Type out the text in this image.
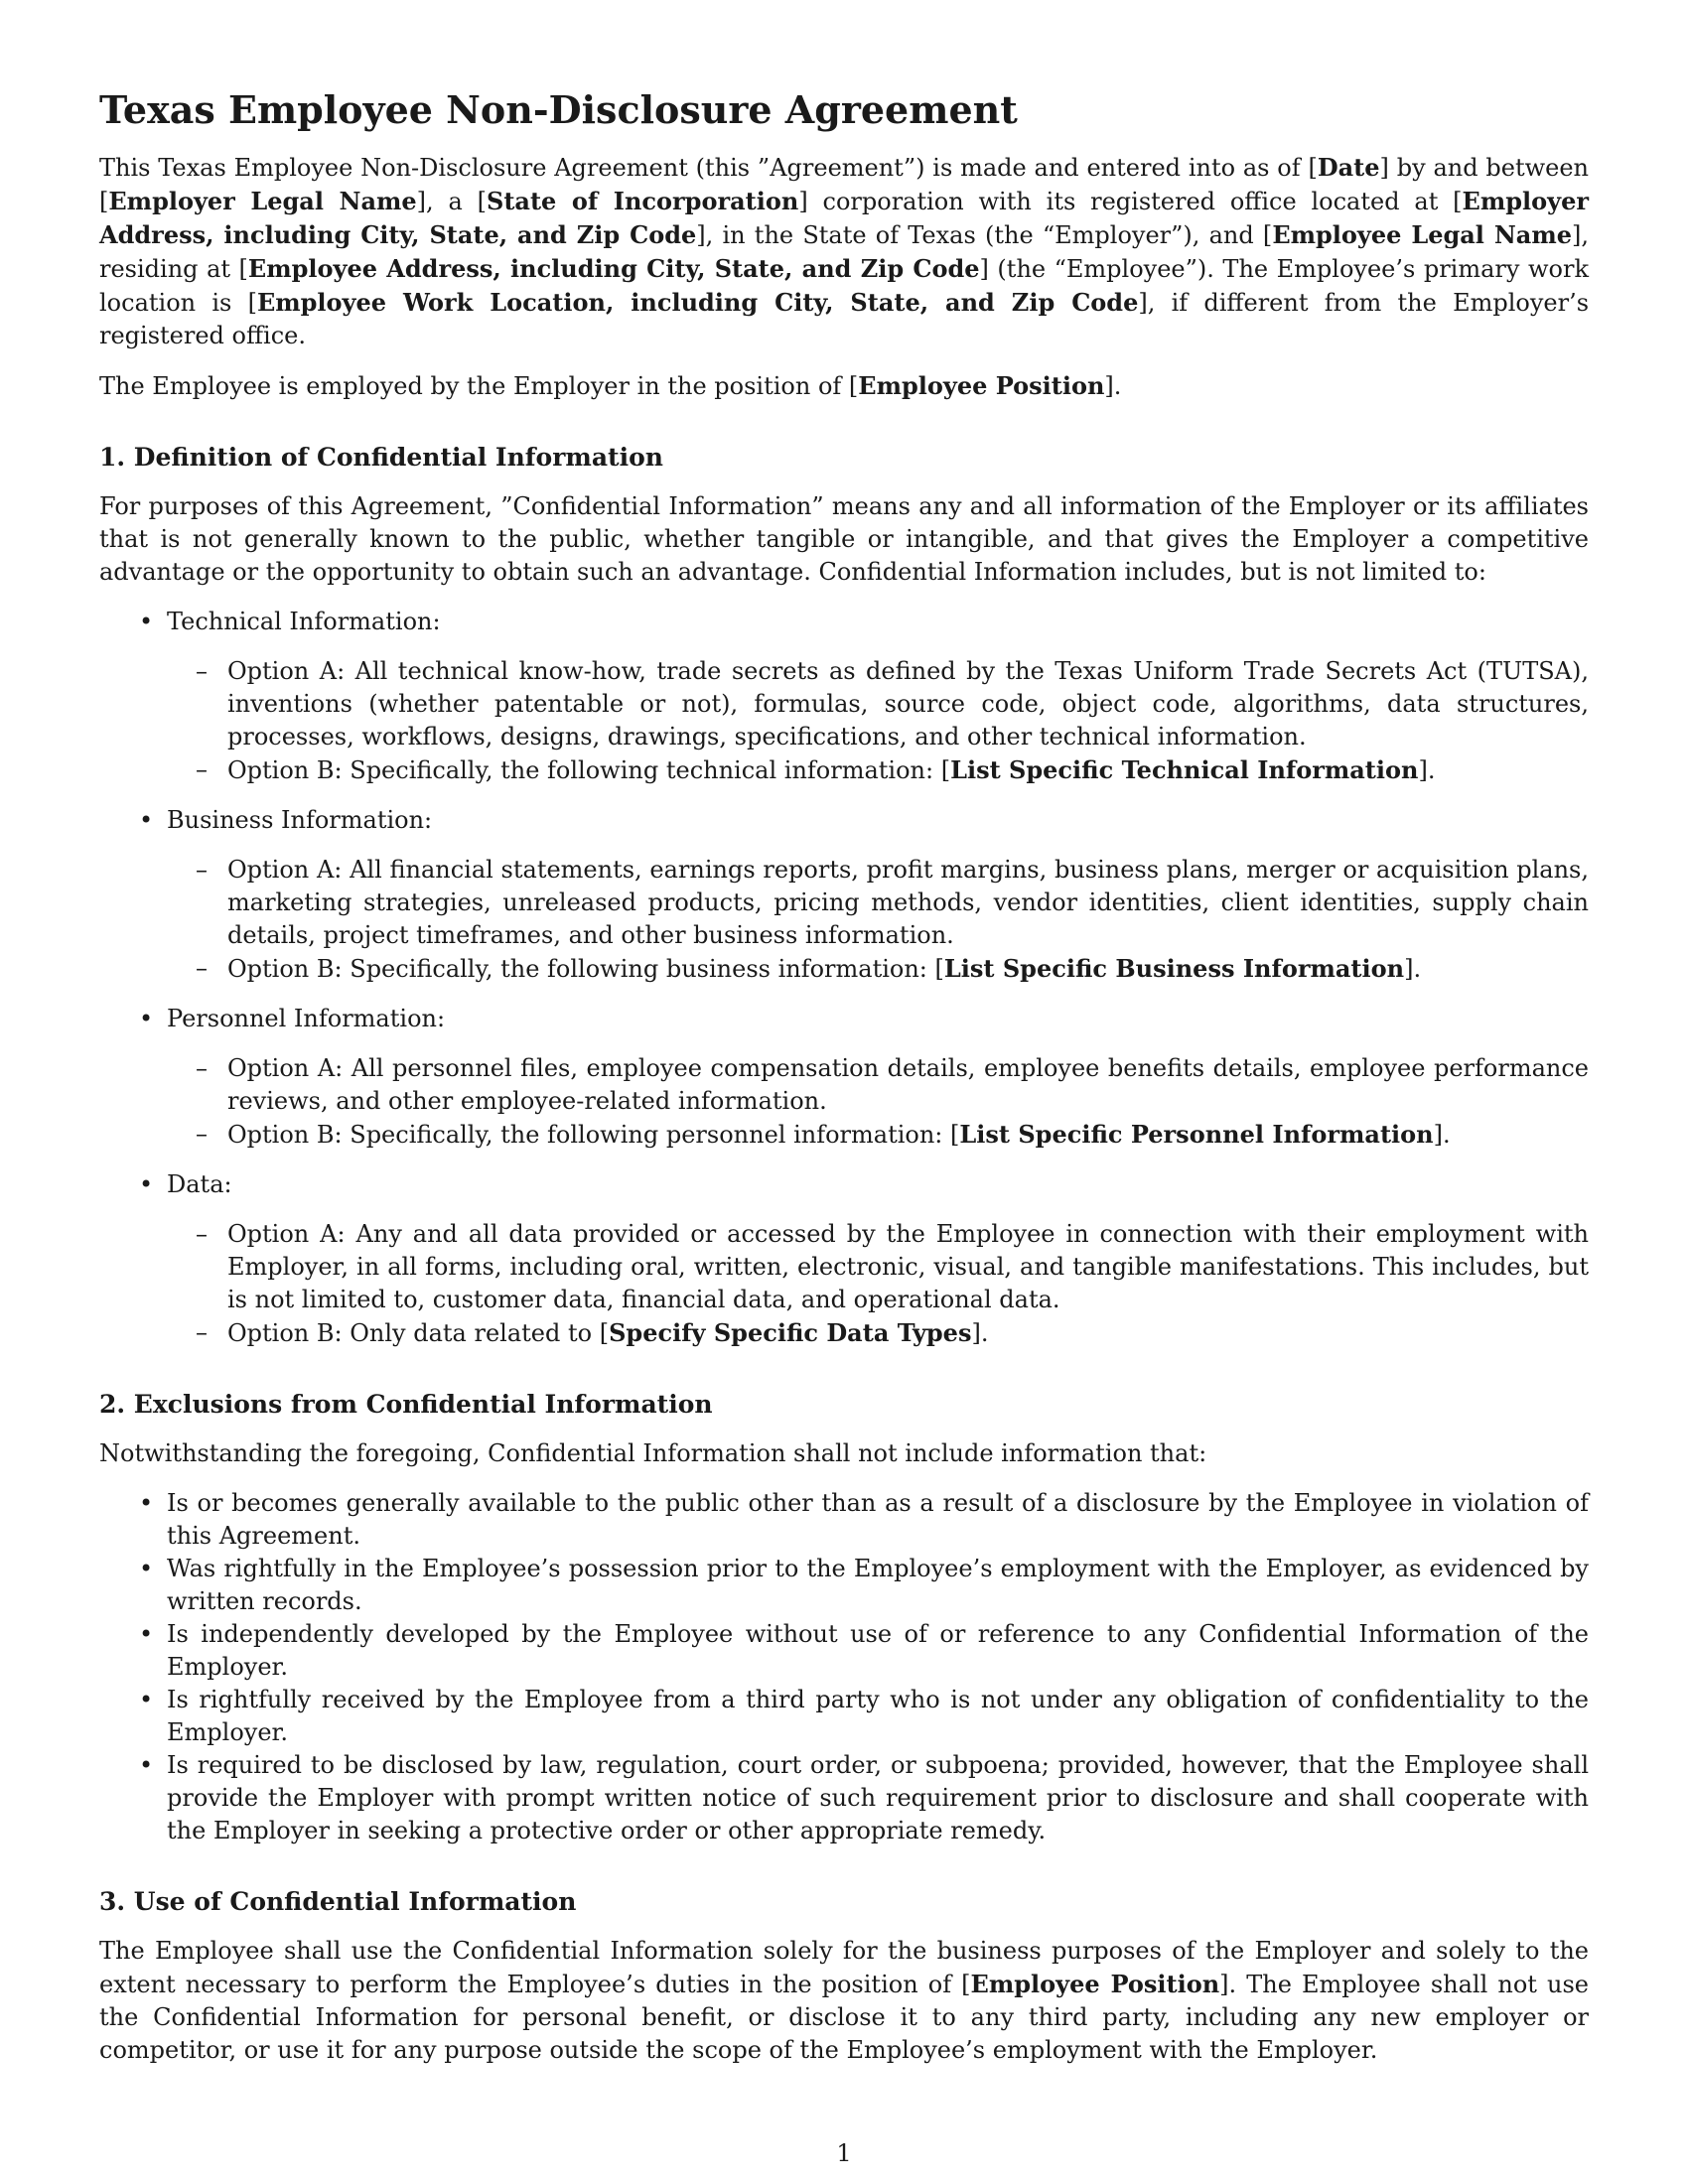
Texas Employee Non-Disclosure Agreement

This Texas Employee Non-Disclosure Agreement (this ”Agreement”) is made and entered into as of [Date] by and between [Employer Legal Name], a [State of Incorporation] corporation with its registered office located at [Employer Address, including City, State, and Zip Code], in the State of Texas (the “Employer”), and [Employee Legal Name], residing at [Employee Address, including City, State, and Zip Code] (the “Employee”). The Employee’s primary work location is [Employee Work Location, including City, State, and Zip Code], if different from the Employer’s registered office.

The Employee is employed by the Employer in the position of [Employee Position].

1. Definition of Confidential Information

For purposes of this Agreement, ”Confidential Information” means any and all information of the Employer or its affiliates that is not generally known to the public, whether tangible or intangible, and that gives the Employer a competitive advantage or the opportunity to obtain such an advantage. Confidential Information includes, but is not limited to:

• Technical Information:
– Option A: All technical know-how, trade secrets as defined by the Texas Uniform Trade Secrets Act (TUTSA), inventions (whether patentable or not), formulas, source code, object code, algorithms, data structures, processes, workflows, designs, drawings, specifications, and other technical information.
– Option B: Specifically, the following technical information: [List Specific Technical Information].
• Business Information:
– Option A: All financial statements, earnings reports, profit margins, business plans, merger or acquisition plans, marketing strategies, unreleased products, pricing methods, vendor identities, client identities, supply chain details, project timeframes, and other business information.
– Option B: Specifically, the following business information: [List Specific Business Information].
• Personnel Information:
– Option A: All personnel files, employee compensation details, employee benefits details, employee performance reviews, and other employee-related information.
– Option B: Specifically, the following personnel information: [List Specific Personnel Information].
• Data:
– Option A: Any and all data provided or accessed by the Employee in connection with their employment with Employer, in all forms, including oral, written, electronic, visual, and tangible manifestations. This includes, but is not limited to, customer data, financial data, and operational data.
– Option B: Only data related to [Specify Specific Data Types].
2. Exclusions from Confidential Information

Notwithstanding the foregoing, Confidential Information shall not include information that:

• Is or becomes generally available to the public other than as a result of a disclosure by the Employee in violation of this Agreement.
• Was rightfully in the Employee’s possession prior to the Employee’s employment with the Employer, as evidenced by written records.
• Is independently developed by the Employee without use of or reference to any Confidential Information of the Employer.
• Is rightfully received by the Employee from a third party who is not under any obligation of confidentiality to the Employer.
• Is required to be disclosed by law, regulation, court order, or subpoena; provided, however, that the Employee shall provide the Employer with prompt written notice of such requirement prior to disclosure and shall cooperate with the Employer in seeking a protective order or other appropriate remedy.
3. Use of Confidential Information

The Employee shall use the Confidential Information solely for the business purposes of the Employer and solely to the extent necessary to perform the Employee’s duties in the position of [Employee Position]. The Employee shall not use the Confidential Information for personal benefit, or disclose it to any third party, including any new employer or competitor, or use it for any purpose outside the scope of the Employee’s employment with the Employer.

1
